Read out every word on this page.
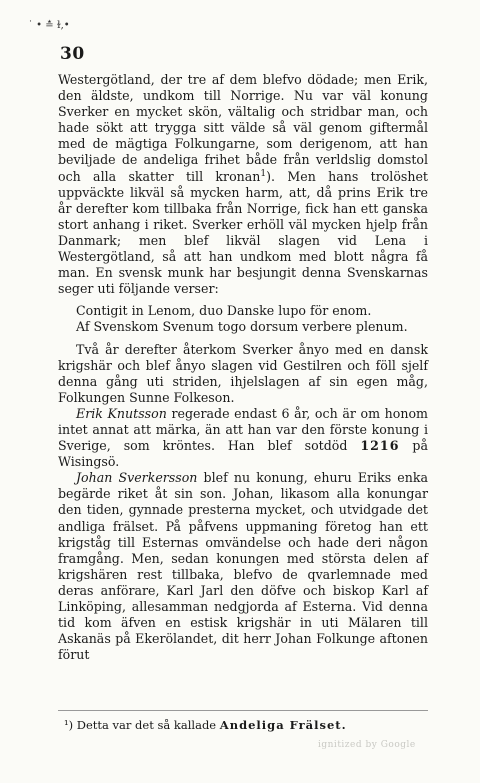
˙ • ≛ ɫ,•
30

Westergötland, der tre af dem blefvo dödade; men Erik, den äldste, undkom till Norrige. Nu var väl konung Sverker en mycket skön, vältalig och stridbar man, och hade sökt att trygga sitt välde så väl genom giftermål med de mägtiga Folkungarne, som derigenom, att han beviljade de andeliga frihet både från verldslig domstol och alla skatter till kronan$^1$). Men hans trolöshet uppväckte likväl så mycken harm, att, då prins Erik tre år derefter kom tillbaka från Norrige, fick han ett ganska stort anhang i riket. Sverker erhöll väl mycken hjelp från Danmark; men blef likväl slagen vid Lena i Westergötland, så att han undkom med blott några få man. En svensk munk har besjungit denna Svenskarnas seger uti följande verser:

Contigit in Lenom, duo Danske lupo för enom.
Af Svenskom Svenum togo dorsum verbere plenum.

Två år derefter återkom Sverker ånyo med en dansk krigshär och blef ånyo slagen vid Gestilren och föll sjelf denna gång uti striden, ihjelslagen af sin egen måg, Folkungen Sunne Folkeson.

Erik Knutsson regerade endast 6 år, och är om honom intet annat att märka, än att han var den förste konung i Sverige, som kröntes. Han blef sotdöd 1216 på Wisingsö.

Johan Sverkersson blef nu konung, ehuru Eriks enka begärde riket åt sin son. Johan, likasom alla konungar den tiden, gynnade presterna mycket, och utvidgade det andliga frälset. På påfvens uppmaning företog han ett krigståg till Esternas omvändelse och hade deri någon framgång. Men, sedan konungen med största delen af krigshären rest tillbaka, blefvo de qvarlemnade med deras anförare, Karl Jarl den döfve och biskop Karl af Linköping, allesamman nedgjorda af Esterna. Vid denna tid kom äfven en estisk krigshär in uti Mälaren till Askanäs på Ekerölandet, dit herr Johan Folkunge aftonen förut

¹) Detta var det så kallade Andeliga Frälset.
ignitized by Google
